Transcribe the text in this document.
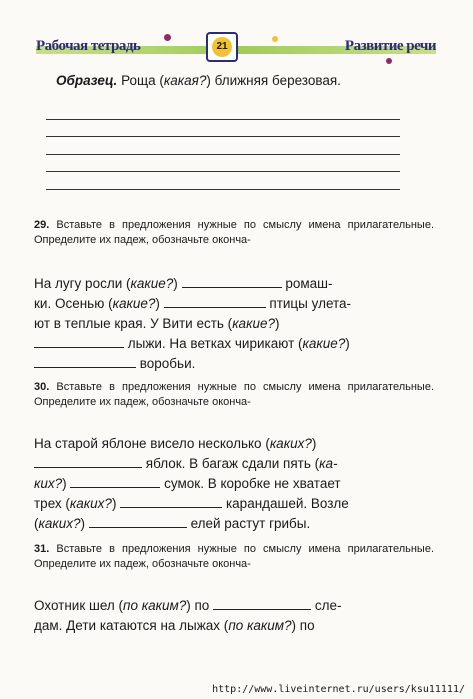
Рабочая тетрадь	Развитие речи
21
Образец. Роща (какая?) ближняя березовая.
29. Вставьте в предложения нужные по смыслу имена прилагательные. Определите их падеж, обозначьте оконча-
На лугу росли (какие?)	ромаш-
ки. Осенью (какие?)	птицы улета-
ют в теплые края. У Вити есть (какие?)
лыжи. На ветках чирикают (какие?)
воробьи.
30. Вставьте в предложения нужные по смыслу имена прилагательные. Определите их падеж, обозначьте оконча-
На старой яблоне висело несколько (каких?)
яблок. В багаж сдали пять (ка-
ких?)	сумок. В коробке не хватает
трех (каких?)	карандашей. Возле
(каких?)	елей растут грибы.
31. Вставьте в предложения нужные по смыслу имена прилагательные. Определите их падеж, обозначьте оконча-
Охотник шел (по каким?) по	сле-
дам. Дети катаются на лыжах (по каким?) по
http://www.liveinternet.ru/users/ksu11111/
